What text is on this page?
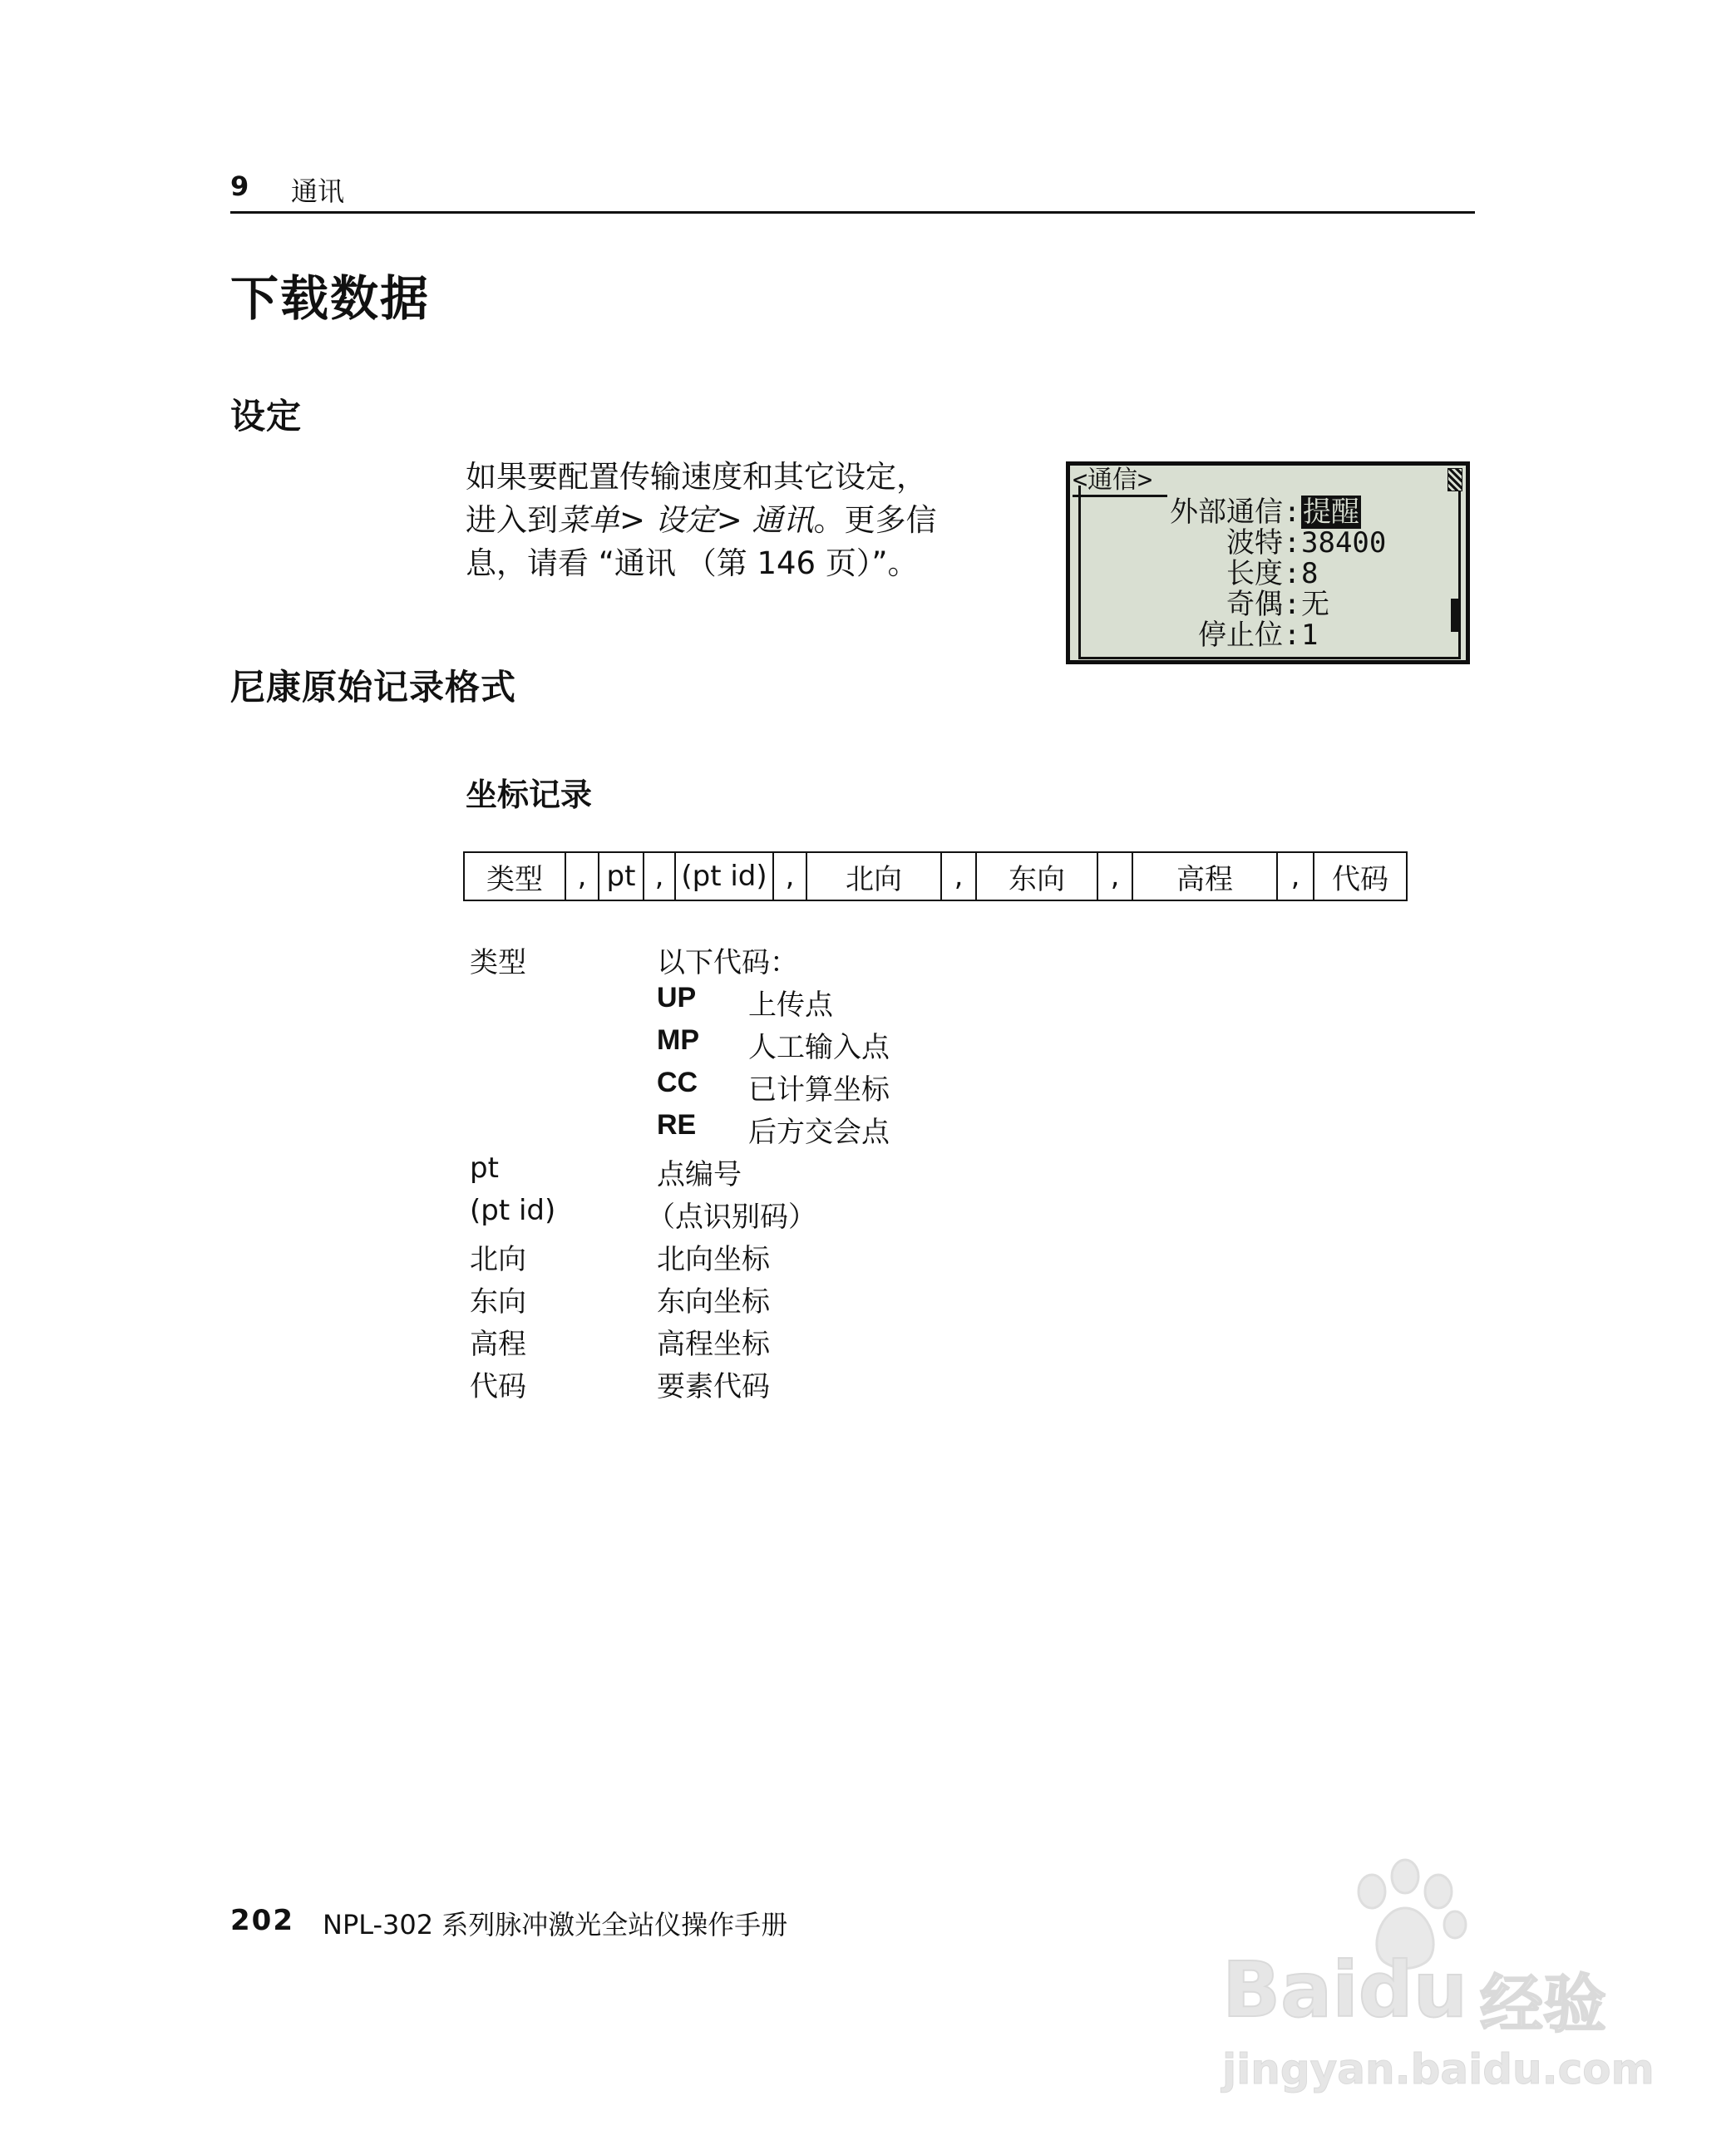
9 通讯
下载数据
设定

如果要配置传输速度和其它设定，

进入到菜单> 设定> 通讯。更多信

息，请看 “通讯 （第 146 页）”。

<通信>
外部通信:提醒
波特:38400
长度:8
奇偶:无
停止位:1
尼康原始记录格式
坐标记录
类型	, pt , (pt id) ,	北向	,	东向	,	高程	,	代码
类型	以下代码：
UP 上传点
MP 人工输入点
CC 已计算坐标
RE 后方交会点
pt	点编号
(pt id)	（点识别码）
北向	北向坐标
东向	东向坐标
高程	高程坐标
代码	要素代码
202 NPL-302 系列脉冲激光全站仪操作手册
Baidu 经验
jingyan.baidu.com
